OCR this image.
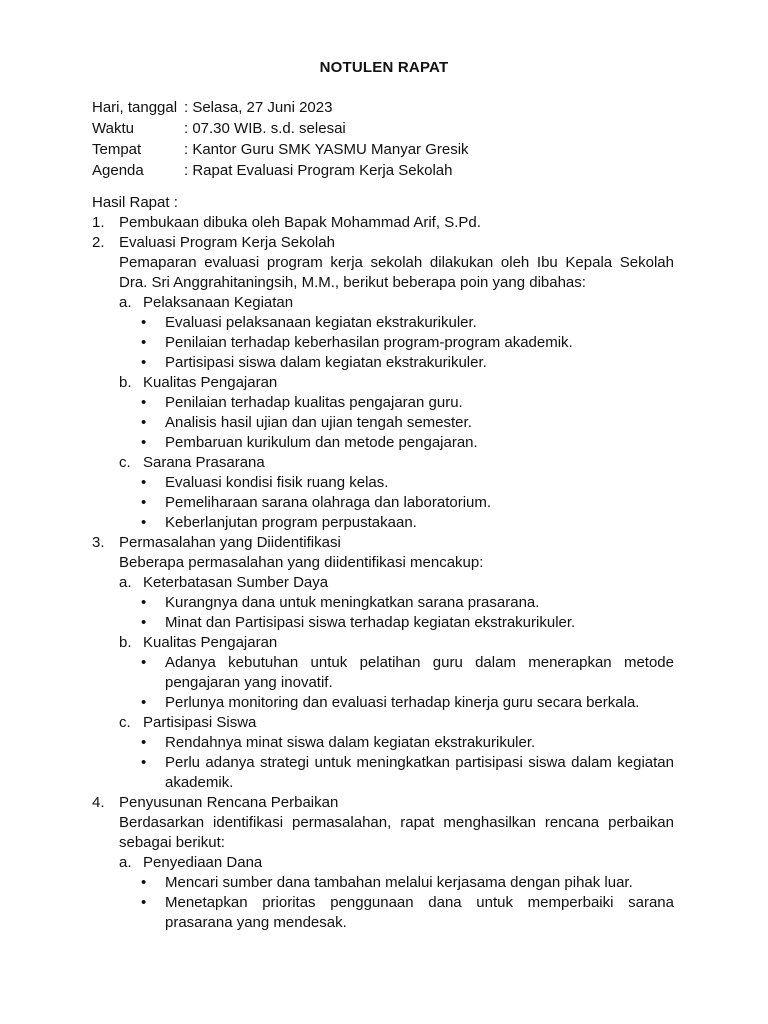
NOTULEN RAPAT
Hari, tanggal : Selasa, 27 Juni 2023
Waktu	: 07.30 WIB. s.d. selesai
Tempat	: Kantor Guru SMK YASMU Manyar Gresik
Agenda	: Rapat Evaluasi Program Kerja Sekolah
Hasil Rapat :
1. Pembukaan dibuka oleh Bapak Mohammad Arif, S.Pd.
2. Evaluasi Program Kerja Sekolah
Pemaparan evaluasi program kerja sekolah dilakukan oleh Ibu Kepala Sekolah Dra. Sri Anggrahitaningsih, M.M., berikut beberapa poin yang dibahas:
a. Pelaksanaan Kegiatan
•	Evaluasi pelaksanaan kegiatan ekstrakurikuler.
•	Penilaian terhadap keberhasilan program-program akademik.
•	Partisipasi siswa dalam kegiatan ekstrakurikuler.
b. Kualitas Pengajaran
•	Penilaian terhadap kualitas pengajaran guru.
•	Analisis hasil ujian dan ujian tengah semester.
•	Pembaruan kurikulum dan metode pengajaran.
c. Sarana Prasarana
•	Evaluasi kondisi fisik ruang kelas.
•	Pemeliharaan sarana olahraga dan laboratorium.
•	Keberlanjutan program perpustakaan.
3. Permasalahan yang Diidentifikasi
Beberapa permasalahan yang diidentifikasi mencakup:
a. Keterbatasan Sumber Daya
•	Kurangnya dana untuk meningkatkan sarana prasarana.
•	Minat dan Partisipasi siswa terhadap kegiatan ekstrakurikuler.
b. Kualitas Pengajaran
•	Adanya kebutuhan untuk pelatihan guru dalam menerapkan metode pengajaran yang inovatif.
•	Perlunya monitoring dan evaluasi terhadap kinerja guru secara berkala.
c. Partisipasi Siswa
•	Rendahnya minat siswa dalam kegiatan ekstrakurikuler.
•	Perlu adanya strategi untuk meningkatkan partisipasi siswa dalam kegiatan akademik.
4. Penyusunan Rencana Perbaikan
Berdasarkan identifikasi permasalahan, rapat menghasilkan rencana perbaikan sebagai berikut:
a. Penyediaan Dana
•	Mencari sumber dana tambahan melalui kerjasama dengan pihak luar.
•	Menetapkan prioritas penggunaan dana untuk memperbaiki sarana prasarana yang mendesak.
